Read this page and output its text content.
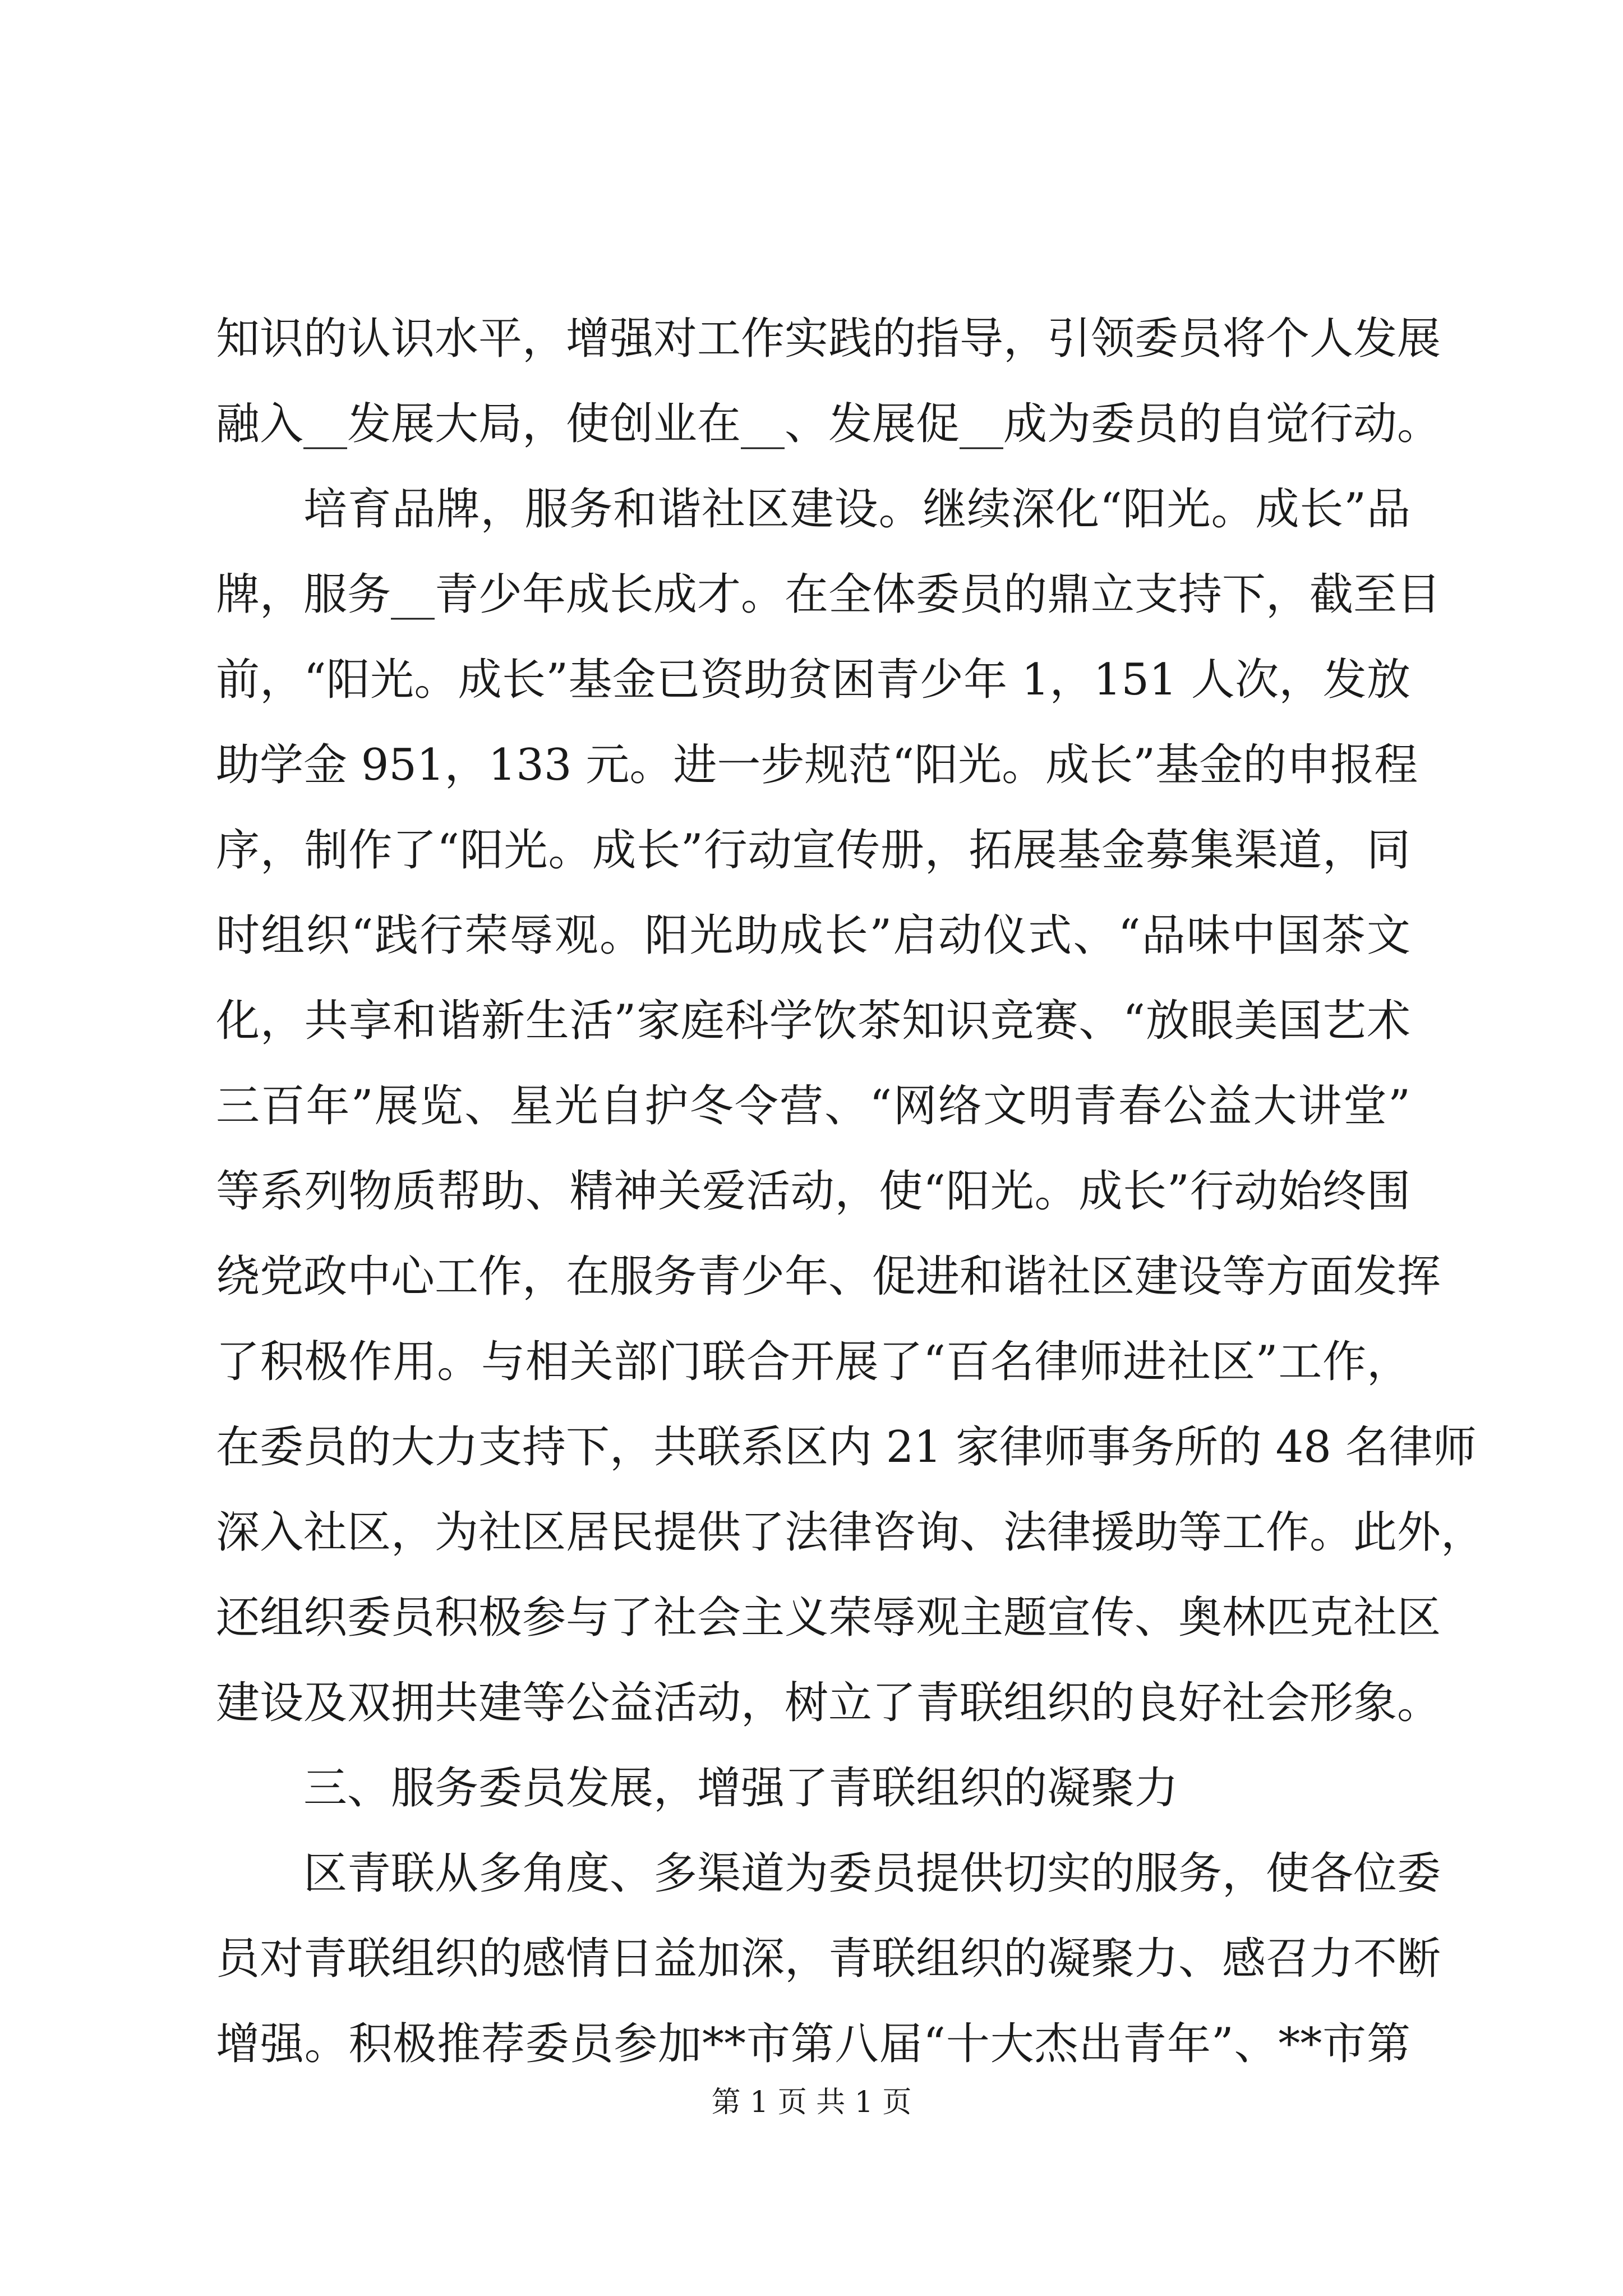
知识的认识水平，增强对工作实践的指导，引领委员将个人发展
融入__发展大局，使创业在__、发展促__成为委员的自觉行动。
培育品牌，服务和谐社区建设。继续深化“阳光。成长”品
牌，服务__青少年成长成才。在全体委员的鼎立支持下，截至目
前，“阳光。成长”基金已资助贫困青少年 1，151 人次，发放
助学金 951，133 元。进一步规范“阳光。成长”基金的申报程
序，制作了“阳光。成长”行动宣传册，拓展基金募集渠道，同
时组织“践行荣辱观。阳光助成长”启动仪式、“品味中国茶文
化，共享和谐新生活”家庭科学饮茶知识竞赛、“放眼美国艺术
三百年”展览、星光自护冬令营、“网络文明青春公益大讲堂”
等系列物质帮助、精神关爱活动，使“阳光。成长”行动始终围
绕党政中心工作，在服务青少年、促进和谐社区建设等方面发挥
了积极作用。与相关部门联合开展了“百名律师进社区”工作，
在委员的大力支持下，共联系区内 21 家律师事务所的 48 名律师
深入社区，为社区居民提供了法律咨询、法律援助等工作。此外，
还组织委员积极参与了社会主义荣辱观主题宣传、奥林匹克社区
建设及双拥共建等公益活动，树立了青联组织的良好社会形象。
三、服务委员发展，增强了青联组织的凝聚力
区青联从多角度、多渠道为委员提供切实的服务，使各位委
员对青联组织的感情日益加深，青联组织的凝聚力、感召力不断
增强。积极推荐委员参加**市第八届“十大杰出青年”、**市第
第 1 页 共 1 页
